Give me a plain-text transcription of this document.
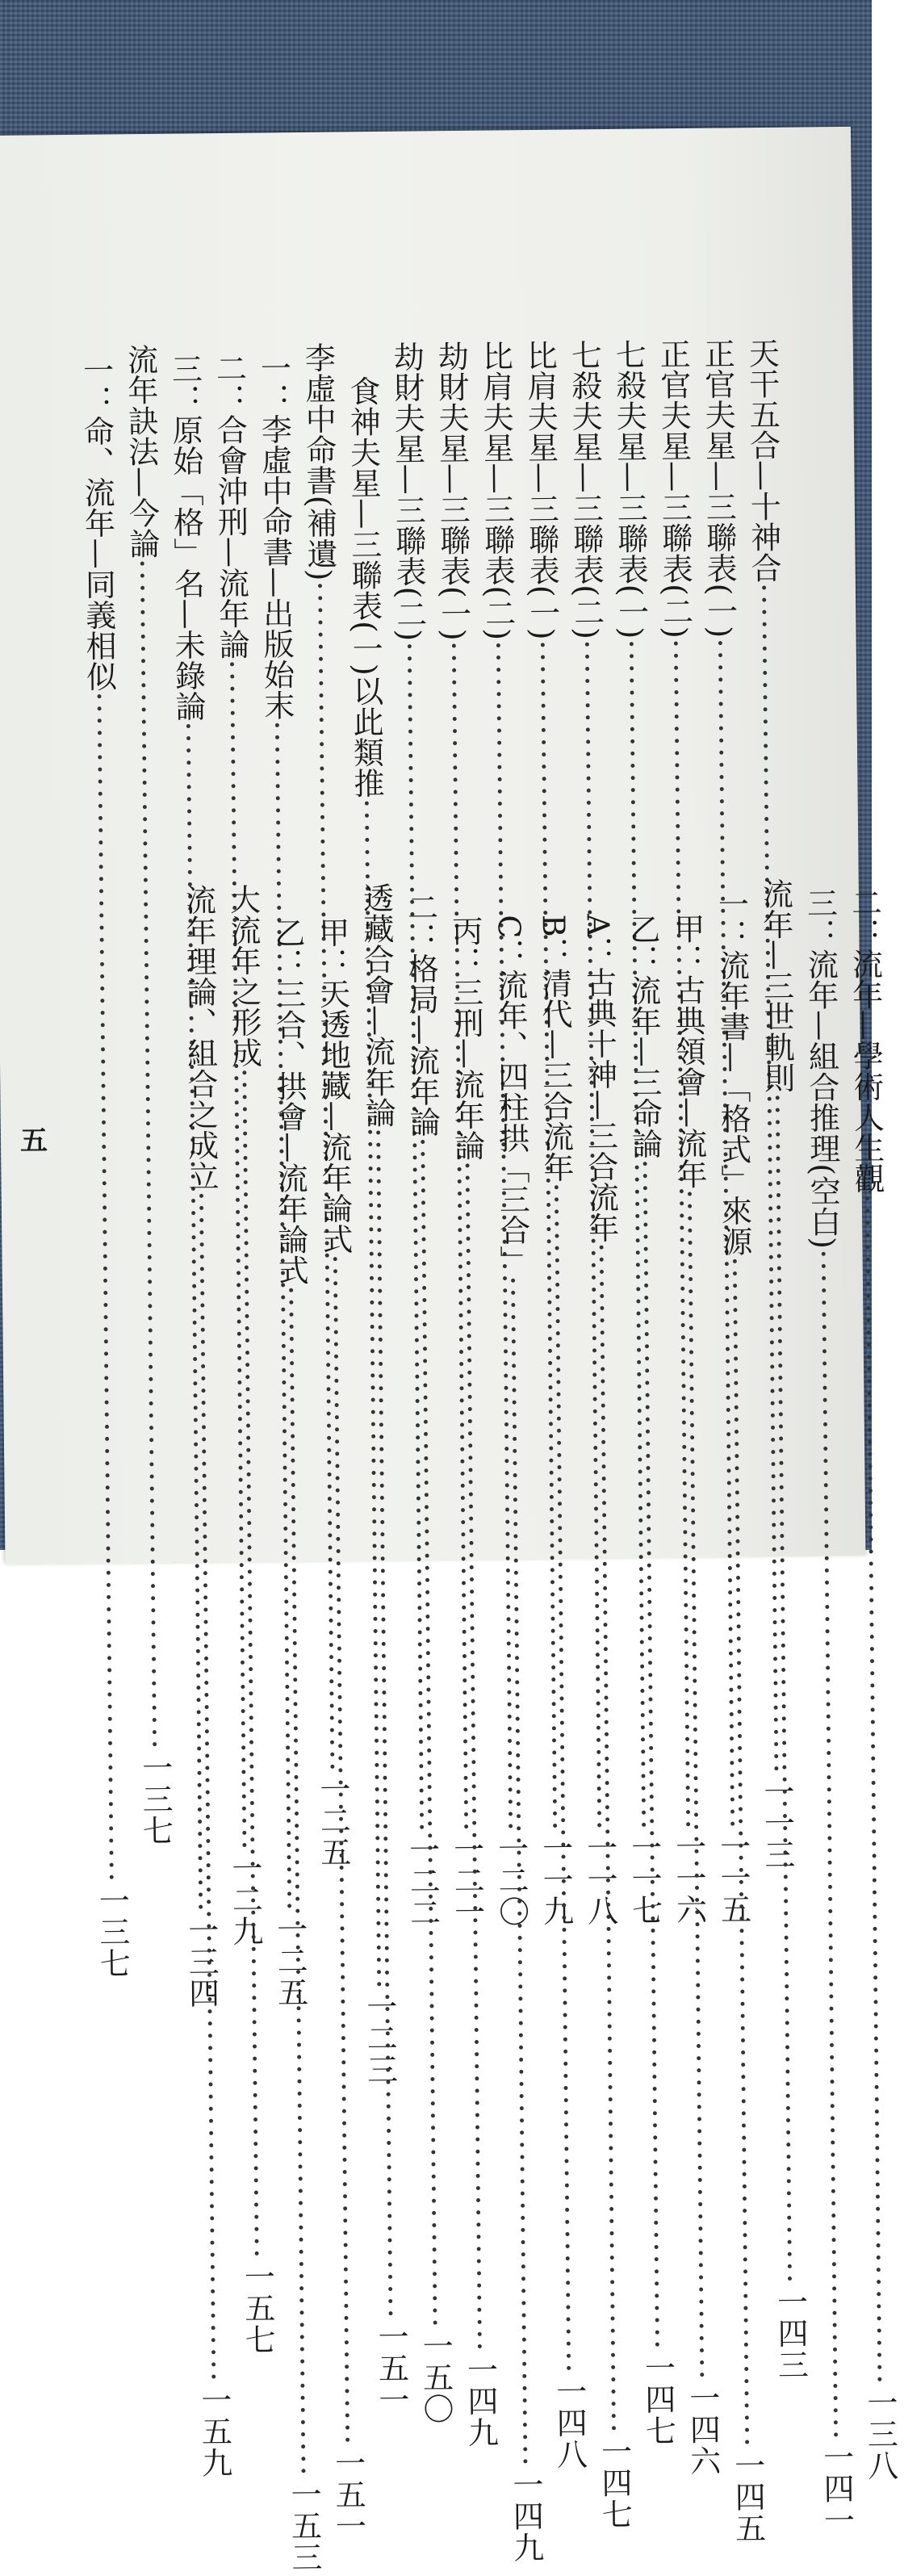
天干五合—十神合
·····
一一三
正官夫星—三聯表(一)
·····
一一五
正官夫星—三聯表(二)
·····
一一六
七殺夫星—三聯表(一)
·····
一一七
七殺夫星—三聯表(二)
·····
一一八
比肩夫星—三聯表(一)
·····
一一九
比肩夫星—三聯表(二)
·····
一二〇
劫財夫星—三聯表(一)
·····
一二一
劫財夫星—三聯表(二)
·····
一二二
食神夫星—三聯表(一)以此類推
·····
一二三
李虛中命書(補遺)
·····
一二五
一：李虛中命書—出版始末
·····
一二五
二：合會沖刑—流年論
·····
一二九
三：原始「格」名—未錄論
·····
一三四
流年訣法—今論
·····
一三七
一：命、流年—同義相似
·····
一三七
二：流年—學術人生觀
·····
一三八
三：流年—組合推理(空白)
·····
一四一
流年—三世軌則
·····
一四三
一：流年書—「格式」來源
·····
一四五
甲：古典領會—流年
·····
一四六
乙：流年—三命論
·····
一四七
A：古典十神—三合流年
·····
一四七
B：清代—三合流年
·····
一四八
C：流年、四柱拱「三合」
·····
一四九
丙：三刑—流年論
·····
一四九
二：格局—流年論
·····
一五〇
透藏合會—流年論
·····
一五一
甲：天透地藏—流年論式
·····
一五一
乙：三合、拱會—流年論式
·····
一五三
大流年之形成
·····
一五七
流年理論、組合之成立
·····
一五九
五
